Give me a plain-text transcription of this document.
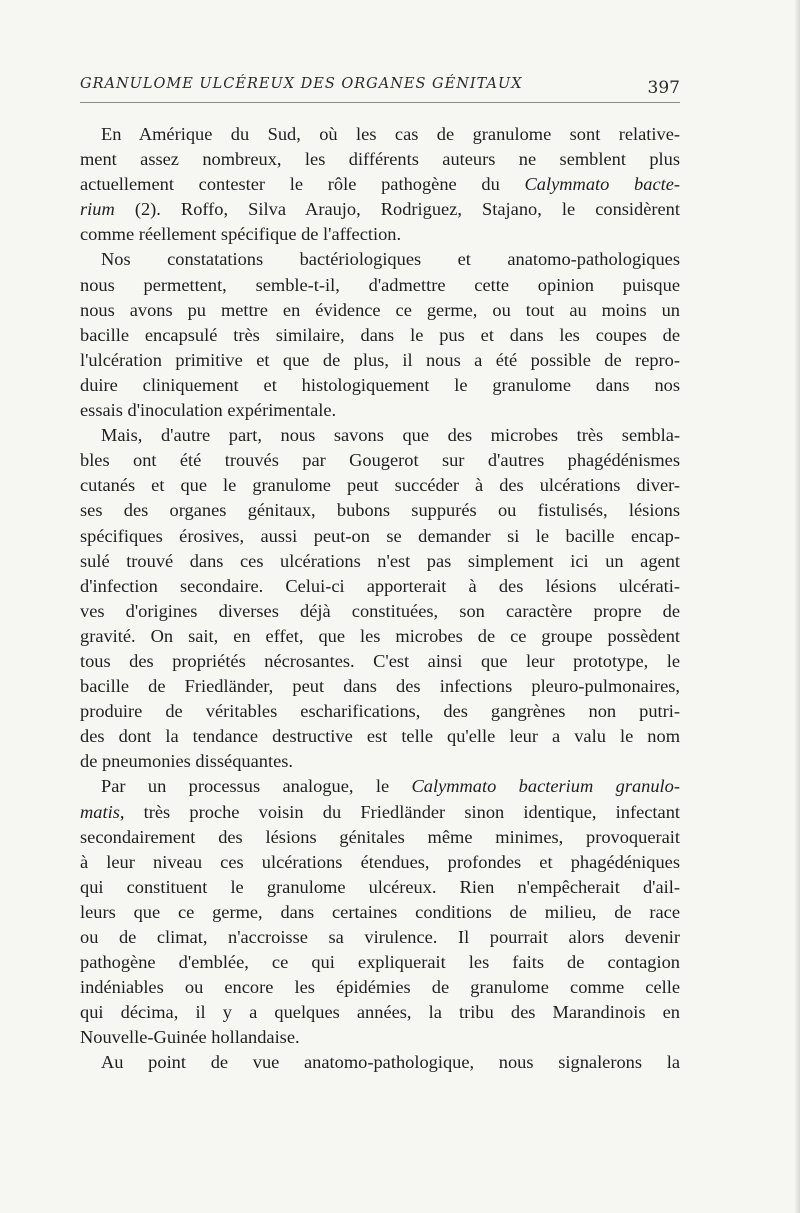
GRANULOME ULCÉREUX DES ORGANES GÉNITAUX	397
En Amérique du Sud, où les cas de granulome sont relative-
ment assez nombreux, les différents auteurs ne semblent plus
actuellement contester le rôle pathogène du Calymmato bacte-
rium (2). Roffo, Silva Araujo, Rodriguez, Stajano, le considèrent
comme réellement spécifique de l'affection.
Nos constatations bactériologiques et anatomo-pathologiques
nous permettent, semble-t-il, d'admettre cette opinion puisque
nous avons pu mettre en évidence ce germe, ou tout au moins un
bacille encapsulé très similaire, dans le pus et dans les coupes de
l'ulcération primitive et que de plus, il nous a été possible de repro-
duire cliniquement et histologiquement le granulome dans nos
essais d'inoculation expérimentale.
Mais, d'autre part, nous savons que des microbes très sembla-
bles ont été trouvés par Gougerot sur d'autres phagédénismes
cutanés et que le granulome peut succéder à des ulcérations diver-
ses des organes génitaux, bubons suppurés ou fistulisés, lésions
spécifiques érosives, aussi peut-on se demander si le bacille encap-
sulé trouvé dans ces ulcérations n'est pas simplement ici un agent
d'infection secondaire. Celui-ci apporterait à des lésions ulcérati-
ves d'origines diverses déjà constituées, son caractère propre de
gravité. On sait, en effet, que les microbes de ce groupe possèdent
tous des propriétés nécrosantes. C'est ainsi que leur prototype, le
bacille de Friedländer, peut dans des infections pleuro-pulmonaires,
produire de véritables escharifications, des gangrènes non putri-
des dont la tendance destructive est telle qu'elle leur a valu le nom
de pneumonies disséquantes.
Par un processus analogue, le Calymmato bacterium granulo-
matis, très proche voisin du Friedländer sinon identique, infectant
secondairement des lésions génitales même minimes, provoquerait
à leur niveau ces ulcérations étendues, profondes et phagédéniques
qui constituent le granulome ulcéreux. Rien n'empêcherait d'ail-
leurs que ce germe, dans certaines conditions de milieu, de race
ou de climat, n'accroisse sa virulence. Il pourrait alors devenir
pathogène d'emblée, ce qui expliquerait les faits de contagion
indéniables ou encore les épidémies de granulome comme celle
qui décima, il y a quelques années, la tribu des Marandinois en
Nouvelle-Guinée hollandaise.
Au point de vue anatomo-pathologique, nous signalerons la
